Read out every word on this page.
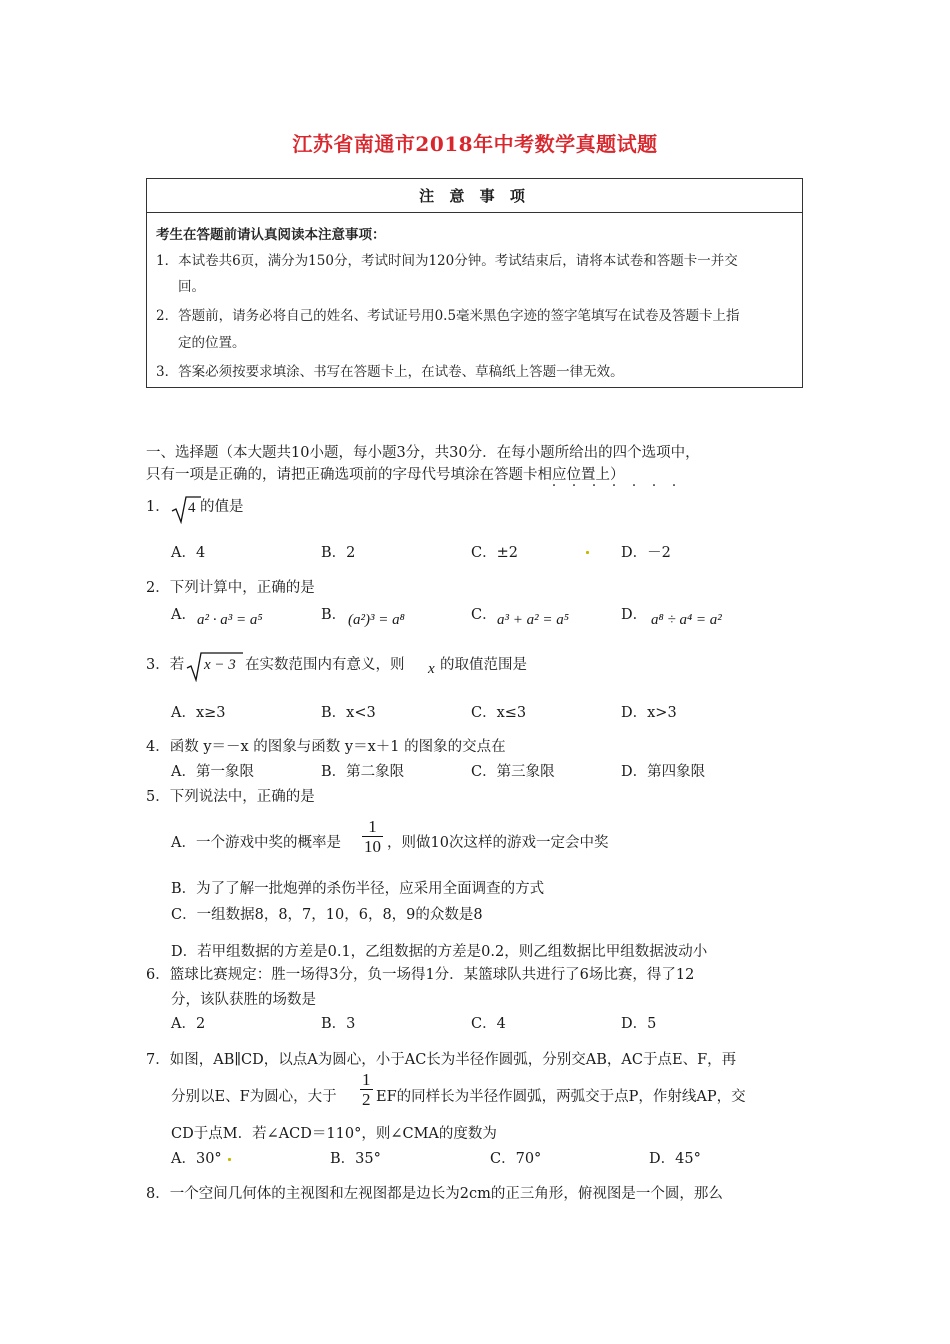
江苏省南通市2018年中考数学真题试题
注 意 事 项
考生在答题前请认真阅读本注意事项：
1．本试卷共6页，满分为150分，考试时间为120分钟。考试结束后，请将本试卷和答题卡一并交
回。
2．答题前，请务必将自己的姓名、考试证号用0.5毫米黑色字迹的签字笔填写在试卷及答题卡上指
定的位置。
3．答案必须按要求填涂、书写在答题卡上，在试卷、草稿纸上答题一律无效。
一、选择题（本大题共10小题，每小题3分，共30分．在每小题所给出的四个选项中，
只有一项是正确的，请把正确选项前的字母代号填涂在答题卡相应位置上）
・・・・・・・
1． 4 的值是
A．4	B．2	C．±2	D．－2
2．下列计算中，正确的是
A． a² · a³ = a⁵	B． (a²)³ = a⁸	C． a³ + a² = a⁵	D． a⁸ ÷ a⁴ = a²
3．若 x − 3 在实数范围内有意义，则 x 的取值范围是
A．x≥3	B．x<3	C．x≤3	D．x>3
4．函数 y＝－x 的图象与函数 y＝x＋1 的图象的交点在
A．第一象限	B．第二象限	C．第三象限	D．第四象限
5．下列说法中，正确的是
A．一个游戏中奖的概率是 $\frac{1}{10}$ ，则做10次这样的游戏一定会中奖
B．为了了解一批炮弹的杀伤半径，应采用全面调查的方式
C．一组数据8，8，7，10，6，8，9的众数是8
D．若甲组数据的方差是0.1，乙组数据的方差是0.2，则乙组数据比甲组数据波动小
6．篮球比赛规定：胜一场得3分，负一场得1分．某篮球队共进行了6场比赛，得了12
分，该队获胜的场数是
A．2	B．3	C．4	D．5
7．如图，AB∥CD，以点A为圆心，小于AC长为半径作圆弧，分别交AB，AC于点E、F，再
分别以E、F为圆心，大于 $\frac{1}{2}$ EF的同样长为半径作圆弧，两弧交于点P，作射线AP，交
CD于点M．若∠ACD＝110°，则∠CMA的度数为
A．30°	B．35°	C．70°	D．45°
8．一个空间几何体的主视图和左视图都是边长为2cm的正三角形，俯视图是一个圆，那么
